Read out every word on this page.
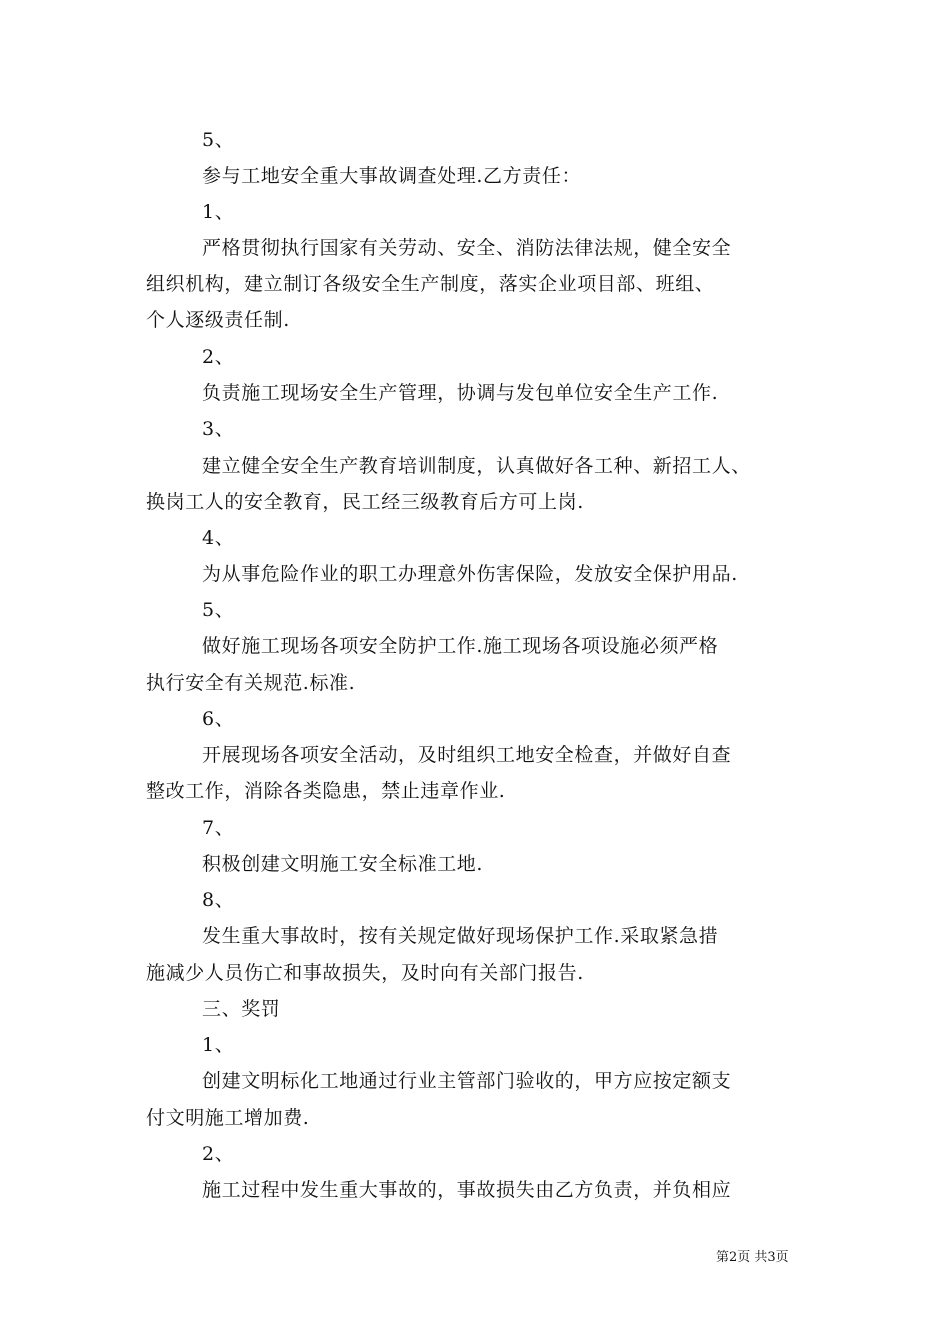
5、
参与工地安全重大事故调查处理.乙方责任：
1、
严格贯彻执行国家有关劳动、安全、消防法律法规，健全安全
组织机构，建立制订各级安全生产制度，落实企业项目部、班组、
个人逐级责任制.
2、
负责施工现场安全生产管理，协调与发包单位安全生产工作.
3、
建立健全安全生产教育培训制度，认真做好各工种、新招工人、
换岗工人的安全教育，民工经三级教育后方可上岗.
4、
为从事危险作业的职工办理意外伤害保险，发放安全保护用品.
5、
做好施工现场各项安全防护工作.施工现场各项设施必须严格
执行安全有关规范.标准.
6、
开展现场各项安全活动，及时组织工地安全检查，并做好自查
整改工作，消除各类隐患，禁止违章作业.
7、
积极创建文明施工安全标准工地.
8、
发生重大事故时，按有关规定做好现场保护工作.采取紧急措
施减少人员伤亡和事故损失，及时向有关部门报告.
三、奖罚
1、
创建文明标化工地通过行业主管部门验收的，甲方应按定额支
付文明施工增加费.
2、
施工过程中发生重大事故的，事故损失由乙方负责，并负相应
第2页 共3页
